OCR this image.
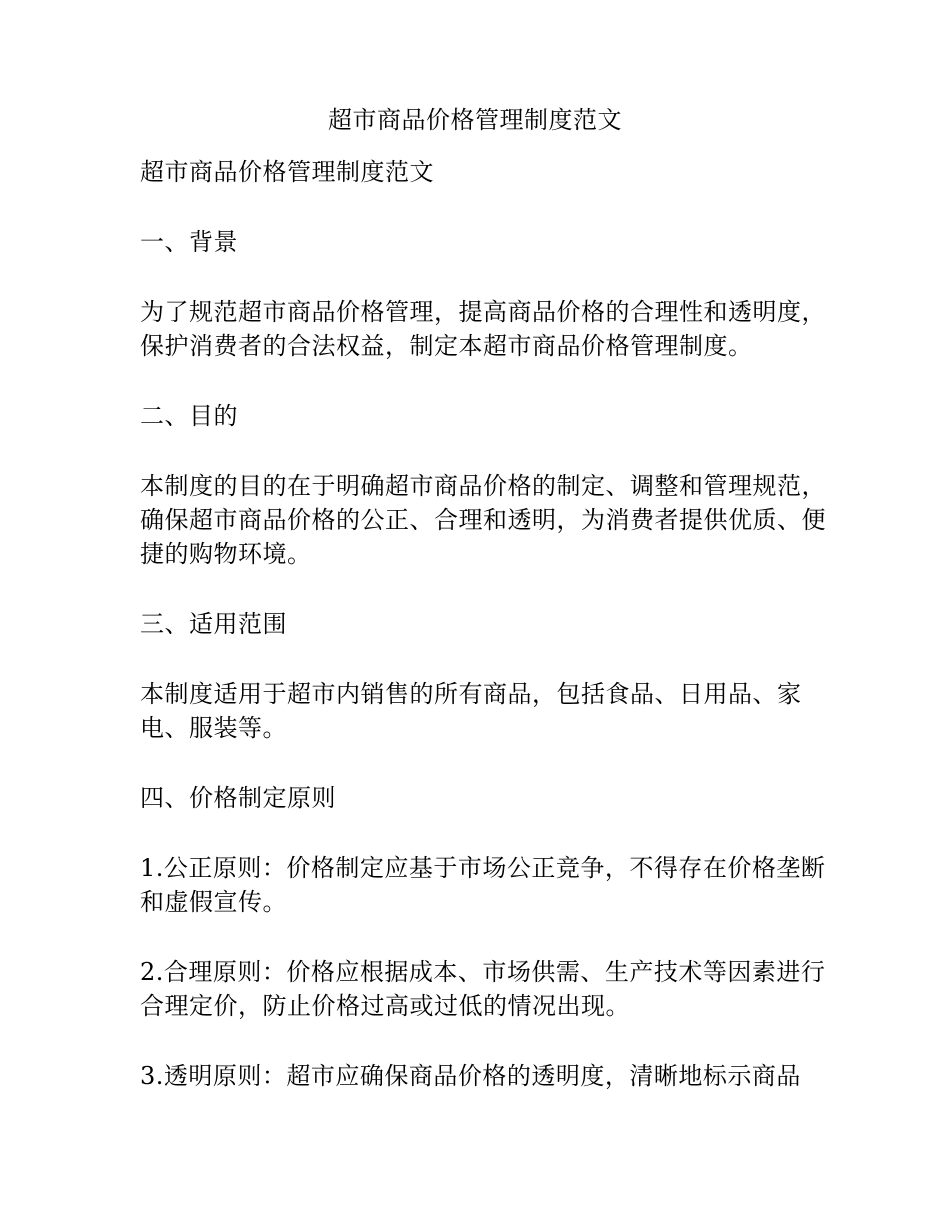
超市商品价格管理制度范文

超市商品价格管理制度范文

一、背景

为了规范超市商品价格管理，提高商品价格的合理性和透明度，保护消费者的合法权益，制定本超市商品价格管理制度。

二、目的

本制度的目的在于明确超市商品价格的制定、调整和管理规范，确保超市商品价格的公正、合理和透明，为消费者提供优质、便捷的购物环境。

三、适用范围

本制度适用于超市内销售的所有商品，包括食品、日用品、家电、服装等。

四、价格制定原则

1.公正原则：价格制定应基于市场公正竞争，不得存在价格垄断和虚假宣传。

2.合理原则：价格应根据成本、市场供需、生产技术等因素进行合理定价，防止价格过高或过低的情况出现。

3.透明原则：超市应确保商品价格的透明度，清晰地标示商品
